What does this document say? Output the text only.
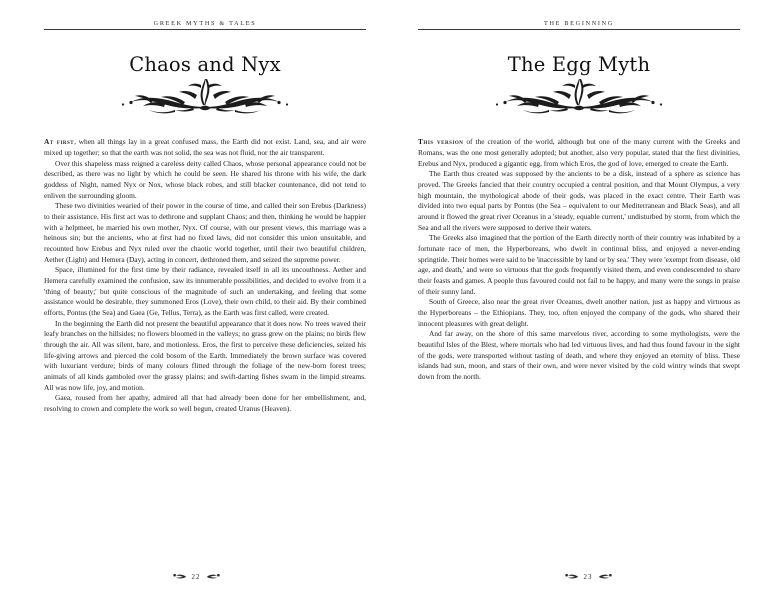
GREEK MYTHS & TALES
Chaos and Nyx

At first, when all things lay in a great confused mass, the Earth did not exist. Land, sea, and air were mixed up together; so that the earth was not solid, the sea was not fluid, nor the air transparent.

Over this shapeless mass reigned a careless deity called Chaos, whose personal appearance could not be described, as there was no light by which he could be seen. He shared his throne with his wife, the dark goddess of Night, named Nyx or Nox, whose black robes, and still blacker countenance, did not tend to enliven the surrounding gloom.

These two divinities wearied of their power in the course of time, and called their son Erebus (Darkness) to their assistance. His first act was to dethrone and supplant Chaos; and then, thinking he would be happier with a helpmeet, he married his own mother, Nyx. Of course, with our present views, this marriage was a heinous sin; but the ancients, who at first had no fixed laws, did not consider this union unsuitable, and recounted how Erebus and Nyx ruled over the chaotic world together, until their two beautiful children, Aether (Light) and Hemera (Day), acting in concert, dethroned them, and seized the supreme power.

Space, illumined for the first time by their radiance, revealed itself in all its uncouthness. Aether and Hemera carefully examined the confusion, saw its innumerable possibilities, and decided to evolve from it a 'thing of beauty;' but quite conscious of the magnitude of such an undertaking, and feeling that some assistance would be desirable, they summoned Eros (Love), their own child, to their aid. By their combined efforts, Pontus (the Sea) and Gaea (Ge, Tellus, Terra), as the Earth was first called, were created.

In the beginning the Earth did not present the beautiful appearance that it does now. No trees waved their leafy branches on the hillsides; no flowers bloomed in the valleys; no grass grew on the plains; no birds flew through the air. All was silent, bare, and motionless. Eros, the first to perceive these deficiencies, seized his life-giving arrows and pierced the cold bosom of the Earth. Immediately the brown surface was covered with luxuriant verdure; birds of many colours flitted through the foliage of the new-born forest trees; animals of all kinds gamboled over the grassy plains; and swift-darting fishes swam in the limpid streams. All was now life, joy, and motion.

Gaea, roused from her apathy, admired all that had already been done for her embellishment, and, resolving to crown and complete the work so well begun, created Uranus (Heaven).

22
THE BEGINNING
The Egg Myth

This version of the creation of the world, although but one of the many current with the Greeks and Romans, was the one most generally adopted; but another, also very popular, stated that the first divinities, Erebus and Nyx, produced a gigantic egg, from which Eros, the god of love, emerged to create the Earth.

The Earth thus created was supposed by the ancients to be a disk, instead of a sphere as science has proved. The Greeks fancied that their country occupied a central position, and that Mount Olympus, a very high mountain, the mythological abode of their gods, was placed in the exact centre. Their Earth was divided into two equal parts by Pontus (the Sea – equivalent to our Mediterranean and Black Seas), and all around it flowed the great river Oceanus in a 'steady, equable current,' undisturbed by storm, from which the Sea and all the rivers were supposed to derive their waters.

The Greeks also imagined that the portion of the Earth directly north of their country was inhabited by a fortunate race of men, the Hyperboreans, who dwelt in continual bliss, and enjoyed a never-ending springtide. Their homes were said to be 'inaccessible by land or by sea.' They were 'exempt from disease, old age, and death,' and were so virtuous that the gods frequently visited them, and even condescended to share their feasts and games. A people thus favoured could not fail to be happy, and many were the songs in praise of their sunny land.

South of Greece, also near the great river Oceanus, dwelt another nation, just as happy and virtuous as the Hyperboreans – the Ethiopians. They, too, often enjoyed the company of the gods, who shared their innocent pleasures with great delight.

And far away, on the shore of this same marvelous river, according to some mythologists, were the beautiful Isles of the Blest, where mortals who had led virtuous lives, and had thus found favour in the sight of the gods, were transported without tasting of death, and where they enjoyed an eternity of bliss. These islands had sun, moon, and stars of their own, and were never visited by the cold wintry winds that swept down from the north.

23
